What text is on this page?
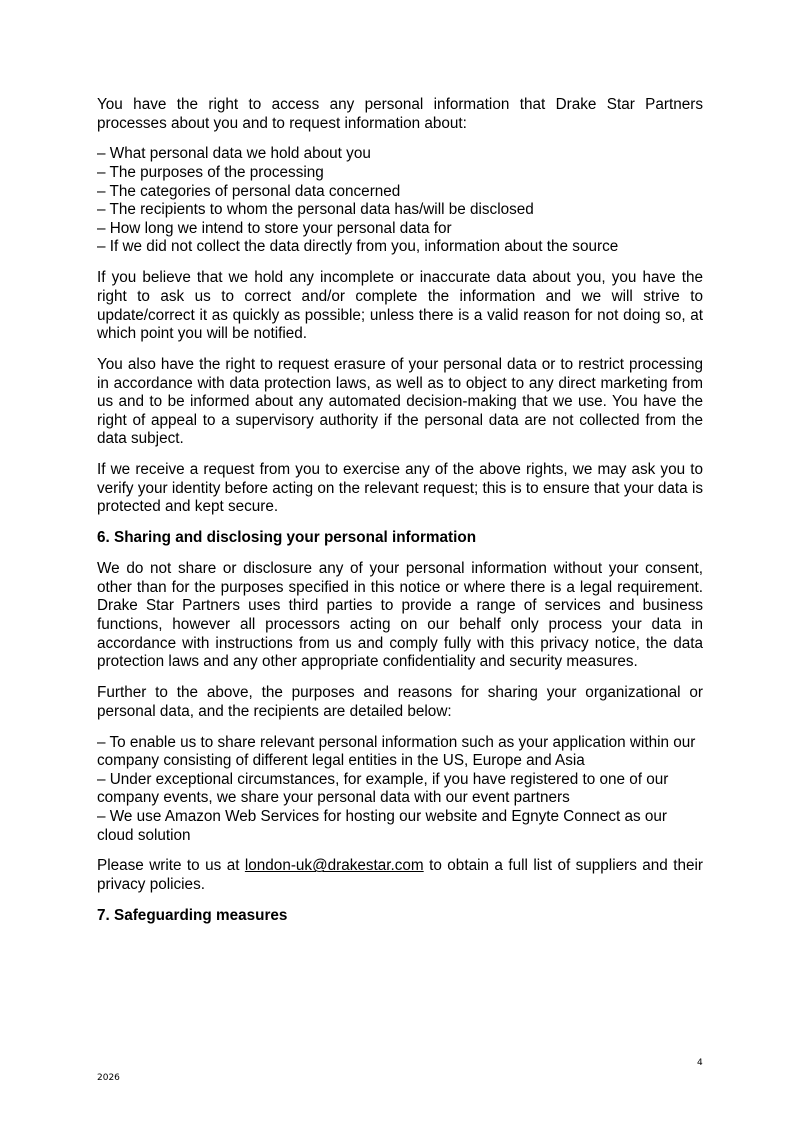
You have the right to access any personal information that Drake Star Partners processes about you and to request information about:

– What personal data we hold about you
– The purposes of the processing
– The categories of personal data concerned
– The recipients to whom the personal data has/will be disclosed
– How long we intend to store your personal data for
– If we did not collect the data directly from you, information about the source

If you believe that we hold any incomplete or inaccurate data about you, you have the right to ask us to correct and/or complete the information and we will strive to update/correct it as quickly as possible; unless there is a valid reason for not doing so, at which point you will be notified.

You also have the right to request erasure of your personal data or to restrict processing in accordance with data protection laws, as well as to object to any direct marketing from us and to be informed about any automated decision-making that we use. You have the right of appeal to a supervisory authority if the personal data are not collected from the data subject.

If we receive a request from you to exercise any of the above rights, we may ask you to verify your identity before acting on the relevant request; this is to ensure that your data is protected and kept secure.

6. Sharing and disclosing your personal information

We do not share or disclosure any of your personal information without your consent, other than for the purposes specified in this notice or where there is a legal requirement. Drake Star Partners uses third parties to provide a range of services and business functions, however all processors acting on our behalf only process your data in accordance with instructions from us and comply fully with this privacy notice, the data protection laws and any other appropriate confidentiality and security measures.

Further to the above, the purposes and reasons for sharing your organizational or personal data, and the recipients are detailed below:

– To enable us to share relevant personal information such as your application within our company consisting of different legal entities in the US, Europe and Asia
– Under exceptional circumstances, for example, if you have registered to one of our company events, we share your personal data with our event partners
– We use Amazon Web Services for hosting our website and Egnyte Connect as our cloud solution

Please write to us at london-uk@drakestar.com to obtain a full list of suppliers and their privacy policies.

7. Safeguarding measures
4
2026
